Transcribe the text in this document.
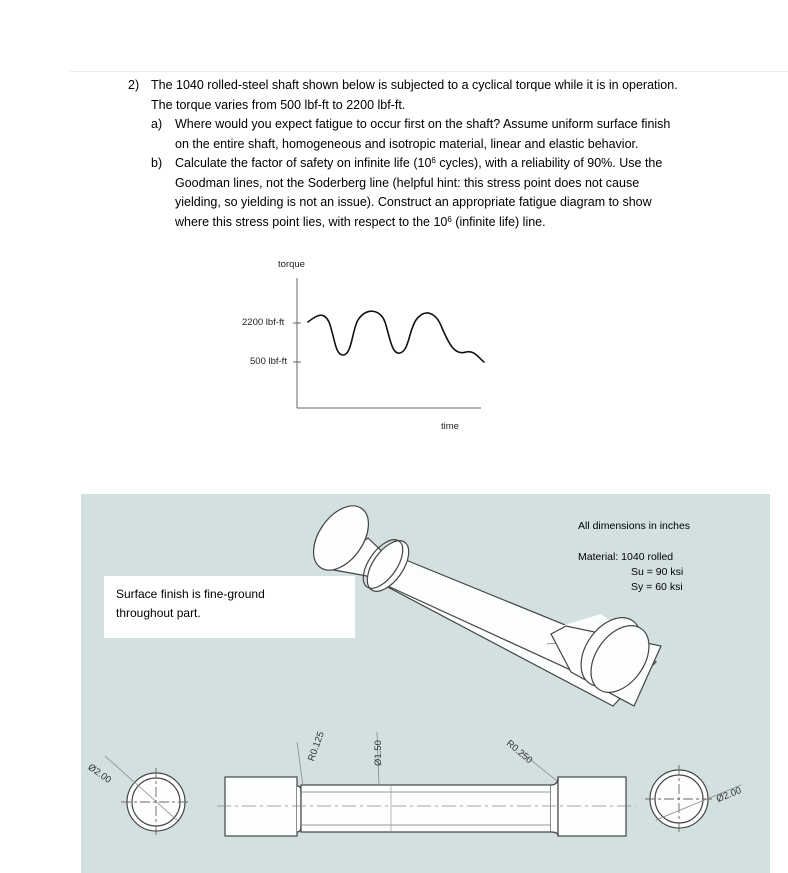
2) The 1040 rolled-steel shaft shown below is subjected to a cyclical torque while it is in operation.
The torque varies from 500 lbf-ft to 2200 lbf-ft.
a) Where would you expect fatigue to occur first on the shaft? Assume uniform surface finish
on the entire shaft, homogeneous and isotropic material, linear and elastic behavior.
b) Calculate the factor of safety on infinite life ($10^6$ cycles), with a reliability of 90%. Use the
Goodman lines, not the Soderberg line (helpful hint: this stress point does not cause
yielding, so yielding is not an issue). Construct an appropriate fatigue diagram to show
where this stress point lies, with respect to the $10^6$ (infinite life) line.
torque
2200 lbf-ft
500 lbf-ft
time
Surface finish is fine-ground
throughout part.
All dimensions in inches
Material: 1040 rolled
Su = 90 ksi
Sy = 60 ksi
Ø2.00
Ø2.00
R0.125	Ø1.50	R0.250
